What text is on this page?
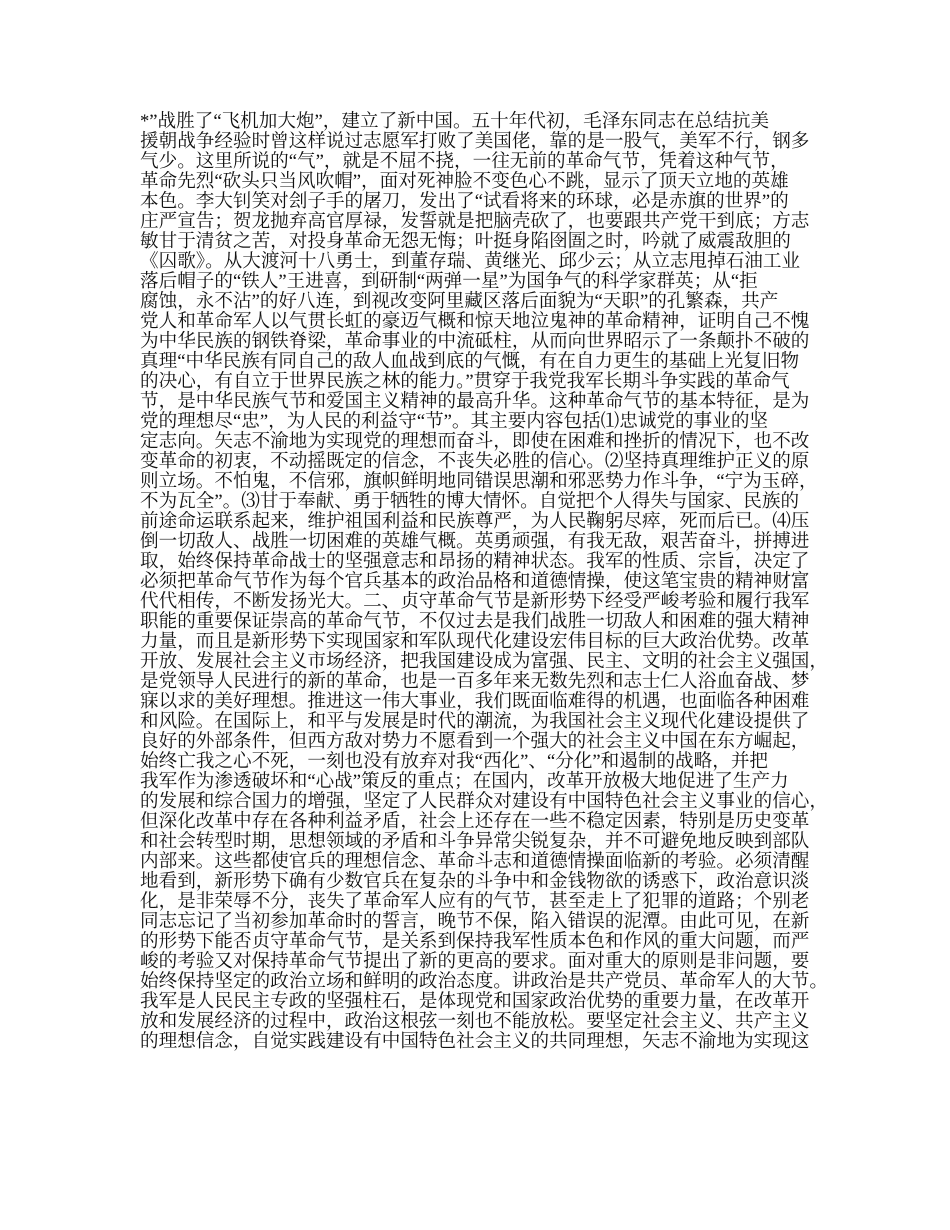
*”战胜了“飞机加大炮”，建立了新中国。五十年代初，毛泽东同志在总结抗美
援朝战争经验时曾这样说过志愿军打败了美国佬，靠的是一股气，美军不行，钢多
气少。这里所说的“气”，就是不屈不挠，一往无前的革命气节，凭着这种气节，
革命先烈“砍头只当风吹帽”，面对死神脸不变色心不跳，显示了顶天立地的英雄
本色。李大钊笑对刽子手的屠刀，发出了“试看将来的环球，必是赤旗的世界”的
庄严宣告；贺龙抛弃高官厚禄，发誓就是把脑壳砍了，也要跟共产党干到底；方志
敏甘于清贫之苦，对投身革命无怨无悔；叶挺身陷囹圄之时，吟就了威震敌胆的
《囚歌》。从大渡河十八勇士，到董存瑞、黄继光、邱少云；从立志甩掉石油工业
落后帽子的“铁人”王进喜，到研制“两弹一星”为国争气的科学家群英；从“拒
腐蚀，永不沾”的好八连，到视改变阿里藏区落后面貌为“天职”的孔繁森，共产
党人和革命军人以气贯长虹的豪迈气概和惊天地泣鬼神的革命精神，证明自己不愧
为中华民族的钢铁脊梁，革命事业的中流砥柱，从而向世界昭示了一条颠扑不破的
真理“中华民族有同自己的敌人血战到底的气慨，有在自力更生的基础上光复旧物
的决心，有自立于世界民族之林的能力。”贯穿于我党我军长期斗争实践的革命气
节，是中华民族气节和爱国主义精神的最高升华。这种革命气节的基本特征，是为
党的理想尽“忠”，为人民的利益守“节”。其主要内容包括⑴忠诚党的事业的坚
定志向。矢志不渝地为实现党的理想而奋斗，即使在困难和挫折的情况下，也不改
变革命的初衷，不动摇既定的信念，不丧失必胜的信心。⑵坚持真理维护正义的原
则立场。不怕鬼，不信邪，旗帜鲜明地同错误思潮和邪恶势力作斗争，“宁为玉碎，
不为瓦全”。⑶甘于奉献、勇于牺牲的博大情怀。自觉把个人得失与国家、民族的
前途命运联系起来，维护祖国利益和民族尊严，为人民鞠躬尽瘁，死而后已。⑷压
倒一切敌人、战胜一切困难的英雄气概。英勇顽强，有我无敌，艰苦奋斗，拼搏进
取，始终保持革命战士的坚强意志和昂扬的精神状态。我军的性质、宗旨，决定了
必须把革命气节作为每个官兵基本的政治品格和道德情操，使这笔宝贵的精神财富
代代相传，不断发扬光大。二、贞守革命气节是新形势下经受严峻考验和履行我军
职能的重要保证崇高的革命气节，不仅过去是我们战胜一切敌人和困难的强大精神
力量，而且是新形势下实现国家和军队现代化建设宏伟目标的巨大政治优势。改革
开放、发展社会主义市场经济，把我国建设成为富强、民主、文明的社会主义强国，
是党领导人民进行的新的革命，也是一百多年来无数先烈和志士仁人浴血奋战、梦
寐以求的美好理想。推进这一伟大事业，我们既面临难得的机遇，也面临各种困难
和风险。在国际上，和平与发展是时代的潮流，为我国社会主义现代化建设提供了
良好的外部条件，但西方敌对势力不愿看到一个强大的社会主义中国在东方崛起，
始终亡我之心不死，一刻也没有放弃对我“西化”、“分化”和遏制的战略，并把
我军作为渗透破坏和“心战”策反的重点；在国内，改革开放极大地促进了生产力
的发展和综合国力的增强，坚定了人民群众对建设有中国特色社会主义事业的信心，
但深化改革中存在各种利益矛盾，社会上还存在一些不稳定因素，特别是历史变革
和社会转型时期，思想领域的矛盾和斗争异常尖锐复杂，并不可避免地反映到部队
内部来。这些都使官兵的理想信念、革命斗志和道德情操面临新的考验。必须清醒
地看到，新形势下确有少数官兵在复杂的斗争中和金钱物欲的诱惑下，政治意识淡
化，是非荣辱不分，丧失了革命军人应有的气节，甚至走上了犯罪的道路；个别老
同志忘记了当初参加革命时的誓言，晚节不保，陷入错误的泥潭。由此可见，在新
的形势下能否贞守革命气节，是关系到保持我军性质本色和作风的重大问题，而严
峻的考验又对保持革命气节提出了新的更高的要求。面对重大的原则是非问题，要
始终保持坚定的政治立场和鲜明的政治态度。讲政治是共产党员、革命军人的大节。
我军是人民民主专政的坚强柱石，是体现党和国家政治优势的重要力量，在改革开
放和发展经济的过程中，政治这根弦一刻也不能放松。要坚定社会主义、共产主义
的理想信念，自觉实践建设有中国特色社会主义的共同理想，矢志不渝地为实现这
